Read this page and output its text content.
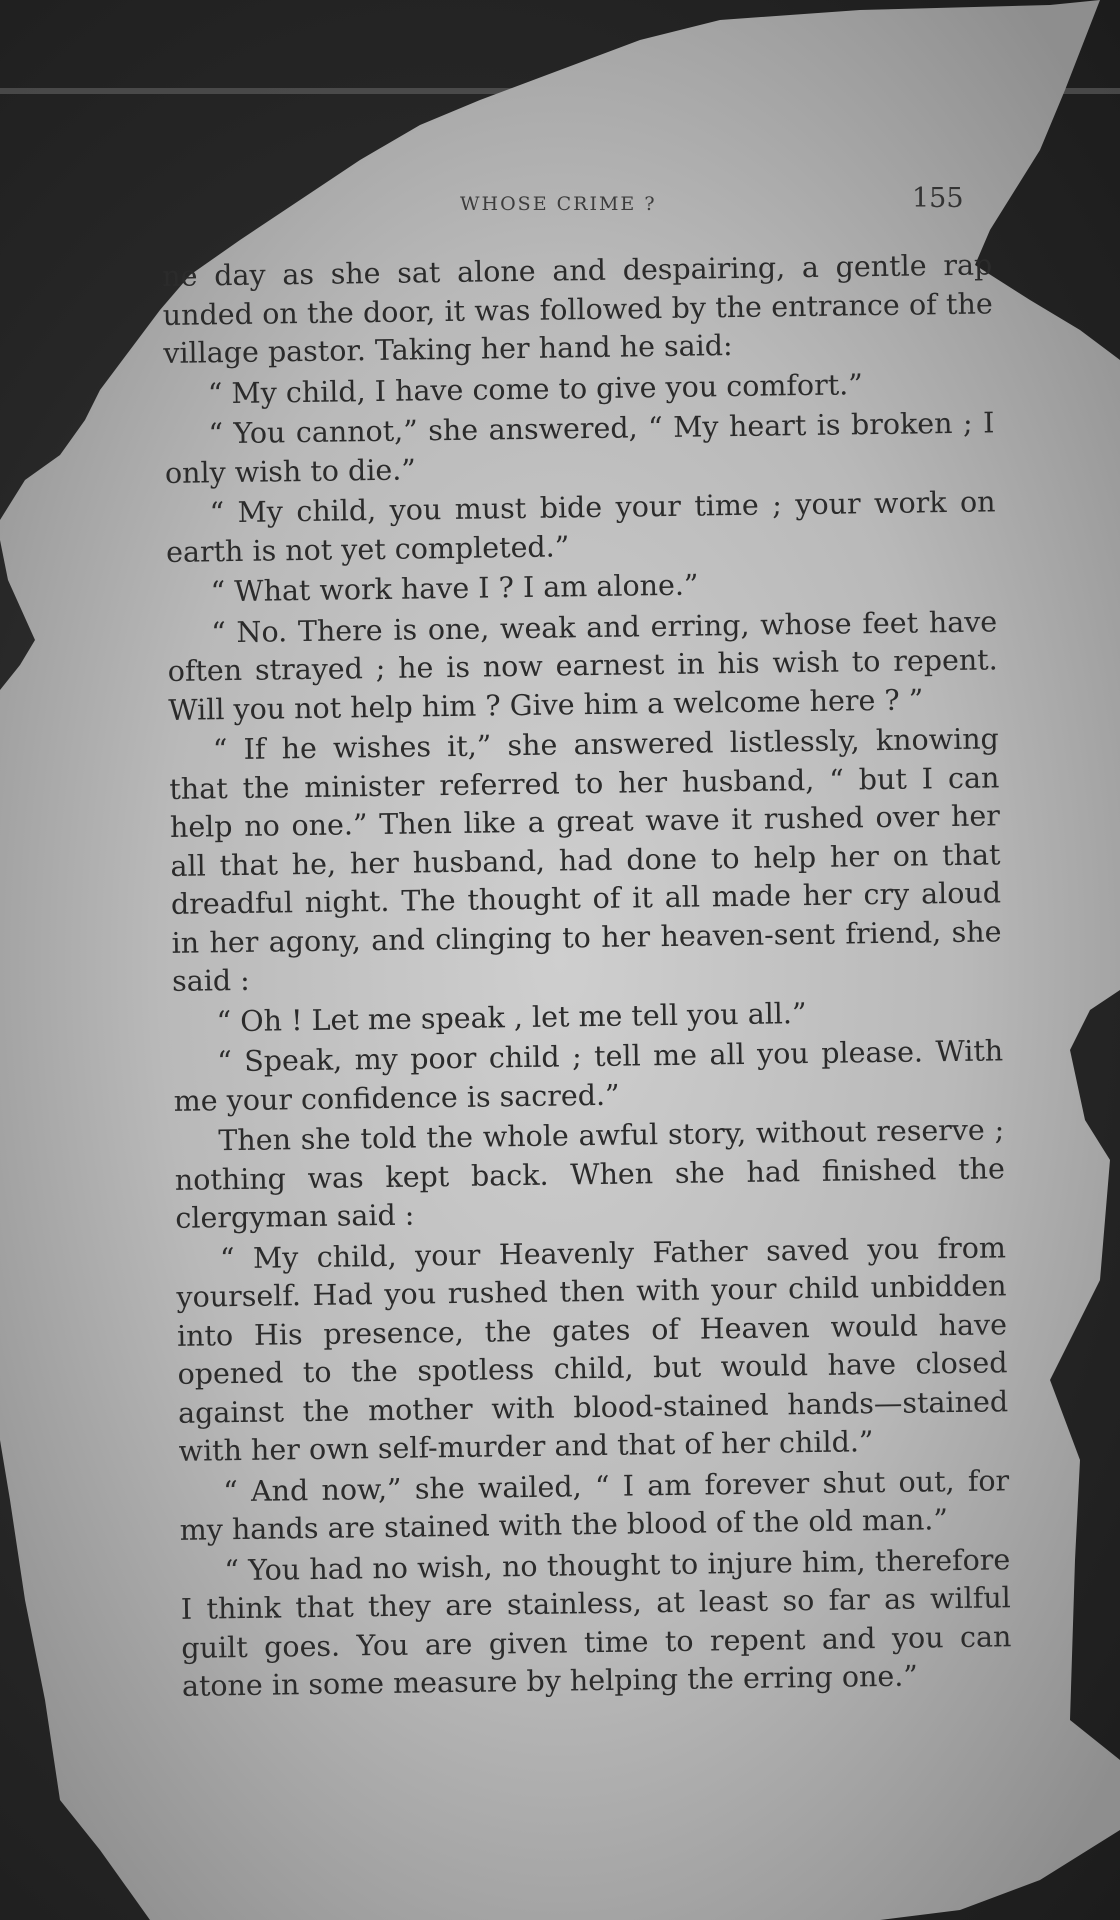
WHOSE CRIME ?	155

ne day as she sat alone and despairing, a gentle rap unded on the door, it was followed by the entrance of the village pastor. Taking her hand he said:

“ My child, I have come to give you comfort.”

“ You cannot,” she answered, “ My heart is broken ; I only wish to die.”

“ My child, you must bide your time ; your work on earth is not yet completed.”

“ What work have I ? I am alone.”

“ No. There is one, weak and erring, whose feet have often strayed ; he is now earnest in his wish to repent. Will you not help him ? Give him a welcome here ? ”

“ If he wishes it,” she answered listlessly, knowing that the minister referred to her husband, “ but I can help no one.” Then like a great wave it rushed over her all that he, her husband, had done to help her on that dreadful night. The thought of it all made her cry aloud in her agony, and clinging to her heaven-sent friend, she said :

“ Oh ! Let me speak , let me tell you all.”

“ Speak, my poor child ; tell me all you please. With me your confidence is sacred.”

Then she told the whole awful story, without reserve ; nothing was kept back. When she had finished the clergyman said :

“ My child, your Heavenly Father saved you from yourself. Had you rushed then with your child unbidden into His presence, the gates of Heaven would have opened to the spotless child, but would have closed against the mother with blood-stained hands—stained with her own self-murder and that of her child.”

“ And now,” she wailed, “ I am forever shut out, for my hands are stained with the blood of the old man.”

“ You had no wish, no thought to injure him, therefore I think that they are stainless, at least so far as wilful guilt goes. You are given time to repent and you can atone in some measure by helping the erring one.”
